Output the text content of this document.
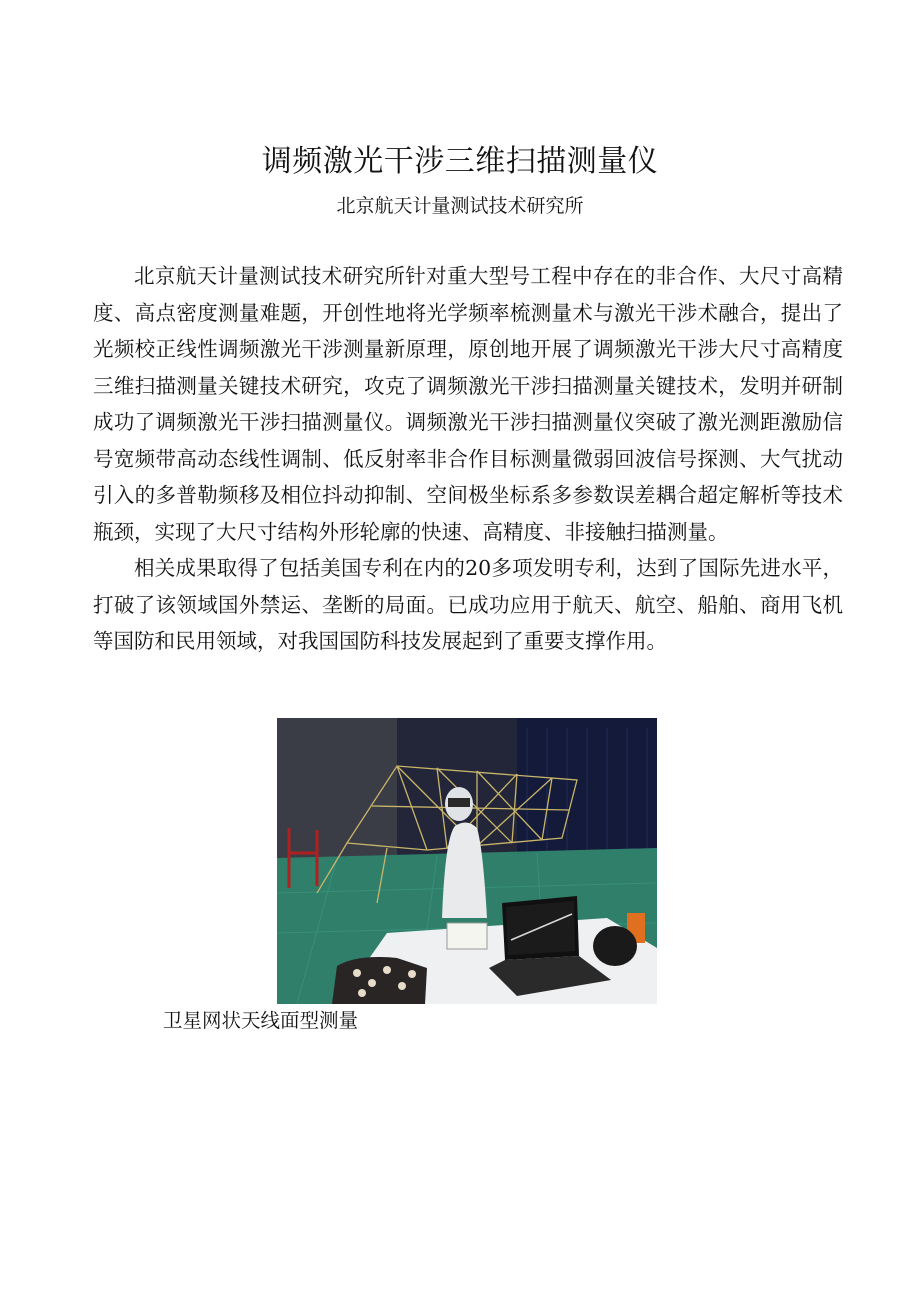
调频激光干涉三维扫描测量仪
北京航天计量测试技术研究所

北京航天计量测试技术研究所针对重大型号工程中存在的非合作、大尺寸高精度、高点密度测量难题，开创性地将光学频率梳测量术与激光干涉术融合，提出了光频校正线性调频激光干涉测量新原理，原创地开展了调频激光干涉大尺寸高精度三维扫描测量关键技术研究，攻克了调频激光干涉扫描测量关键技术，发明并研制成功了调频激光干涉扫描测量仪。调频激光干涉扫描测量仪突破了激光测距激励信号宽频带高动态线性调制、低反射率非合作目标测量微弱回波信号探测、大气扰动引入的多普勒频移及相位抖动抑制、空间极坐标系多参数误差耦合超定解析等技术瓶颈，实现了大尺寸结构外形轮廓的快速、高精度、非接触扫描测量。

相关成果取得了包括美国专利在内的20多项发明专利，达到了国际先进水平，打破了该领域国外禁运、垄断的局面。已成功应用于航天、航空、船舶、商用飞机等国防和民用领域，对我国国防科技发展起到了重要支撑作用。

卫星网状天线面型测量
